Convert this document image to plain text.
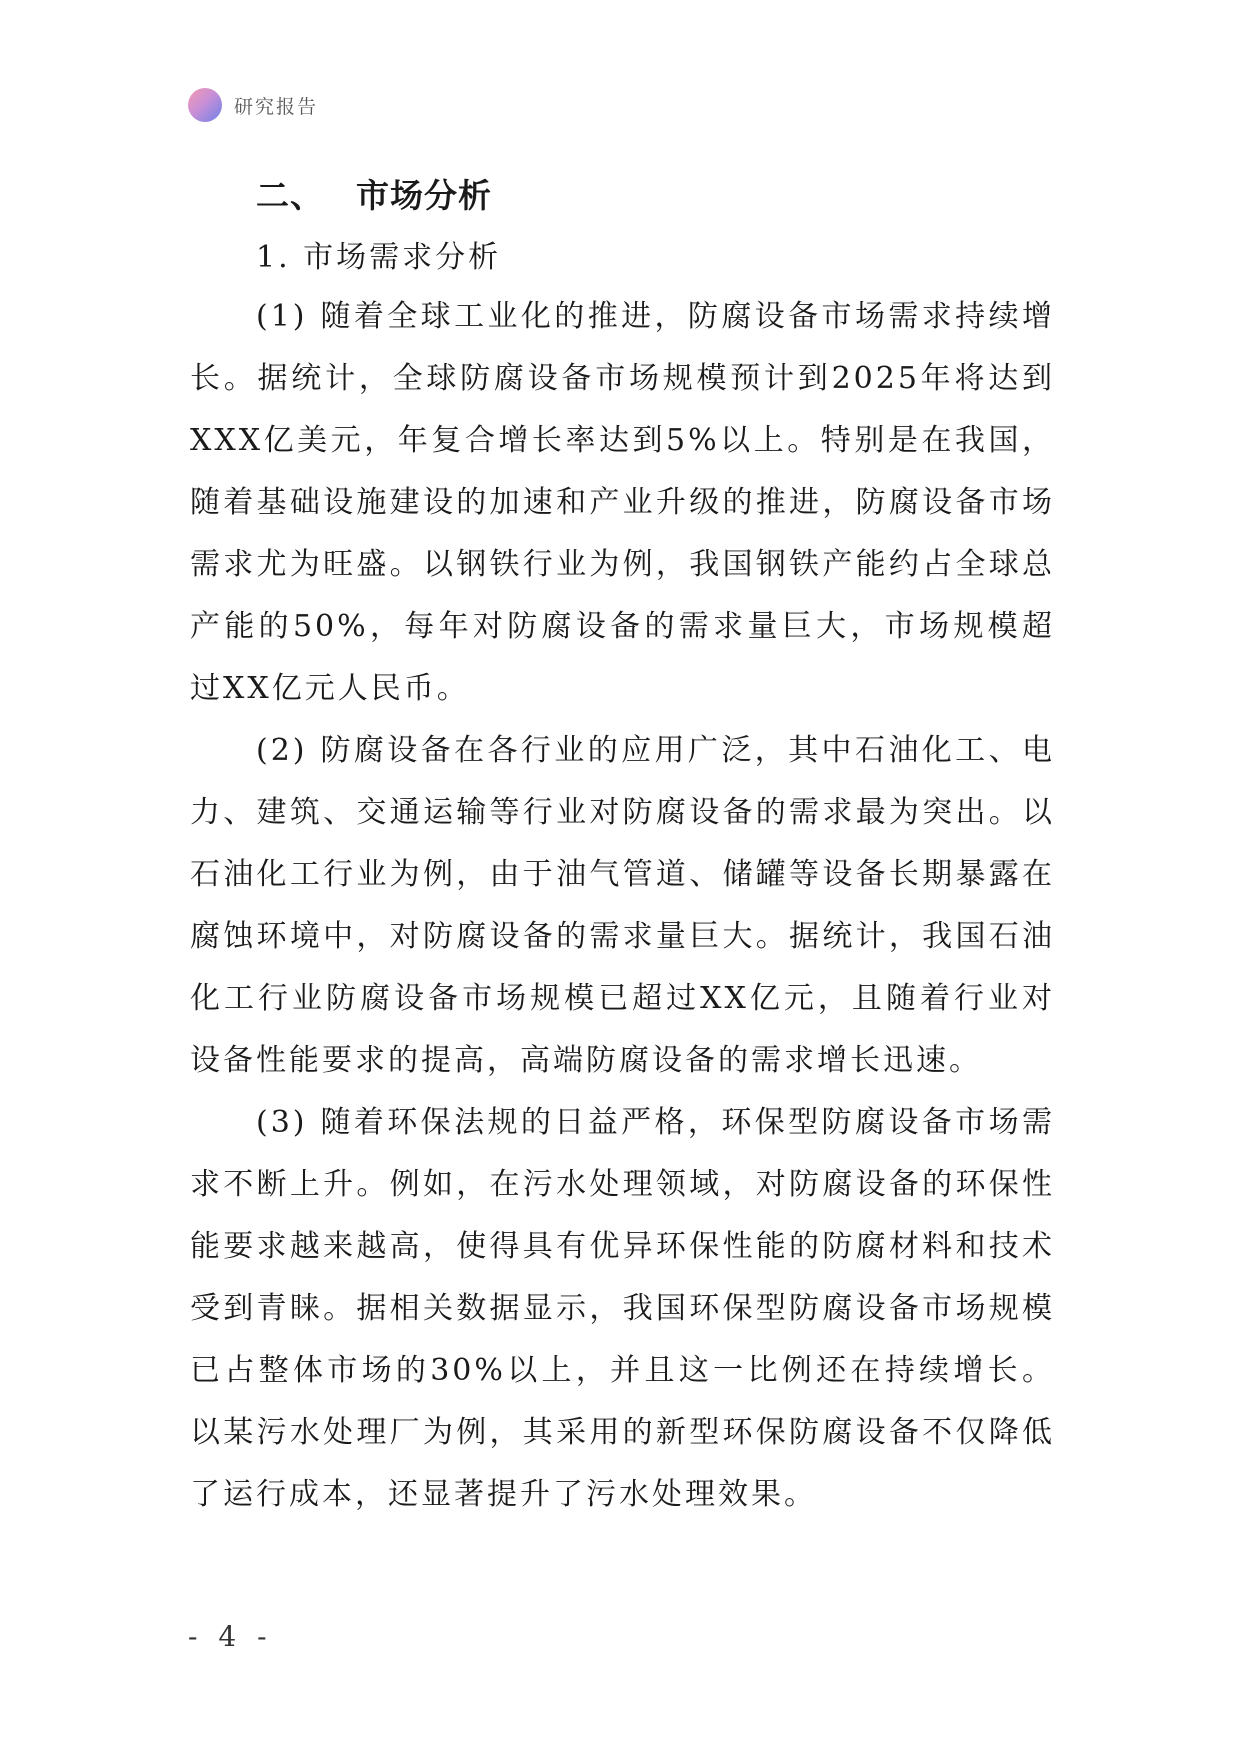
研究报告
二、 市场分析
1. 市场需求分析

(1) 随着全球工业化的推进，防腐设备市场需求持续增长。据统计，全球防腐设备市场规模预计到2025年将达到XXX亿美元，年复合增长率达到5%以上。特别是在我国，随着基础设施建设的加速和产业升级的推进，防腐设备市场需求尤为旺盛。以钢铁行业为例，我国钢铁产能约占全球总产能的50%，每年对防腐设备的需求量巨大，市场规模超过XX亿元人民币。

(2) 防腐设备在各行业的应用广泛，其中石油化工、电力、建筑、交通运输等行业对防腐设备的需求最为突出。以石油化工行业为例，由于油气管道、储罐等设备长期暴露在腐蚀环境中，对防腐设备的需求量巨大。据统计，我国石油化工行业防腐设备市场规模已超过XX亿元，且随着行业对设备性能要求的提高，高端防腐设备的需求增长迅速。

(3) 随着环保法规的日益严格，环保型防腐设备市场需求不断上升。例如，在污水处理领域，对防腐设备的环保性能要求越来越高，使得具有优异环保性能的防腐材料和技术受到青睐。据相关数据显示，我国环保型防腐设备市场规模已占整体市场的30%以上，并且这一比例还在持续增长。以某污水处理厂为例，其采用的新型环保防腐设备不仅降低了运行成本，还显著提升了污水处理效果。

- 4 -
